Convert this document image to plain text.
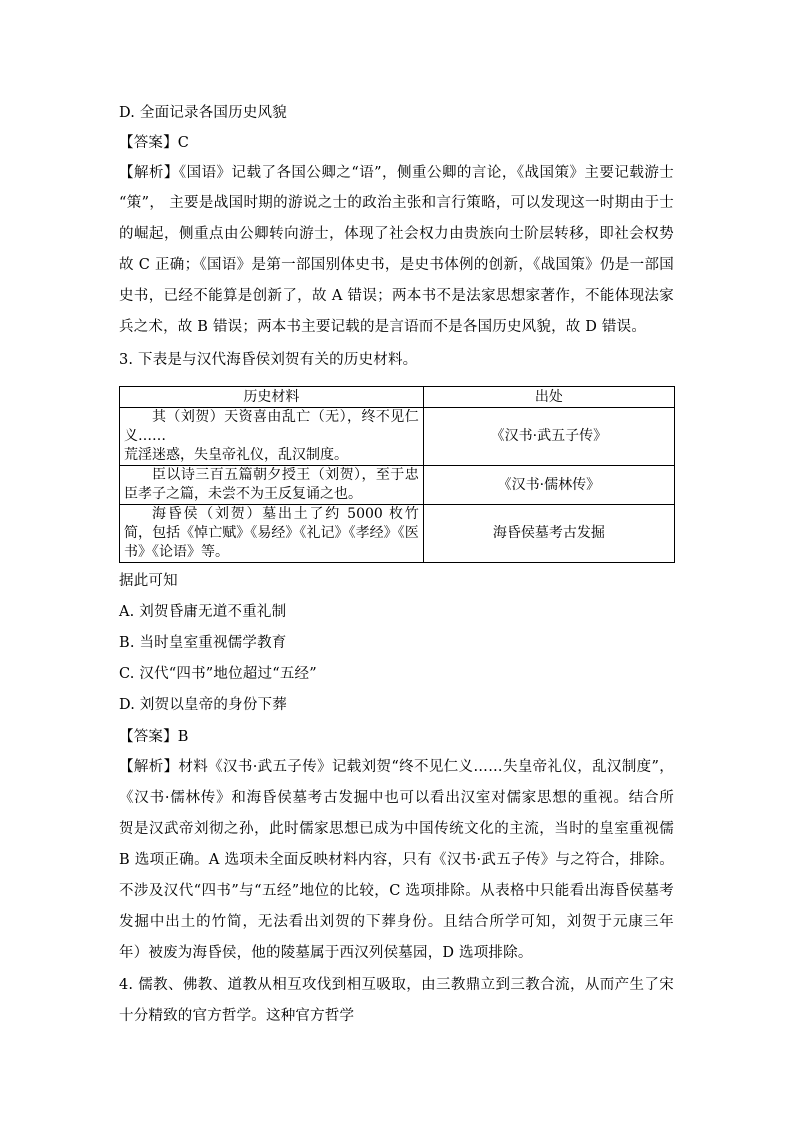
D. 全面记录各国历史风貌
【答案】C
【解析】《国语》记载了各国公卿之“语”，侧重公卿的言论，《战国策》主要记载游士
“策”， 主要是战国时期的游说之士的政治主张和言行策略，可以发现这一时期由于士
的崛起，侧重点由公卿转向游士，体现了社会权力由贵族向士阶层转移，即社会权势
故 C 正确；《国语》是第一部国别体史书，是史书体例的创新，《战国策》仍是一部国
史书，已经不能算是创新了，故 A 错误；两本书不是法家思想家著作，不能体现法家
兵之术，故 B 错误；两本书主要记载的是言语而不是各国历史风貌，故 D 错误。
3. 下表是与汉代海昏侯刘贺有关的历史材料。
历史材料	出处

其（刘贺）天资喜由乱亡（无），终不见仁义……
荒淫迷惑，失皇帝礼仪，乱汉制度。	《汉书·武五子传》

臣以诗三百五篇朝夕授王（刘贺），至于忠臣孝子之篇，未尝不为王反复诵之也。	《汉书·儒林传》

海昏侯（刘贺）墓出土了约 5000 枚竹简，包括《悼亡赋》《易经》《礼记》《孝经》《医书》《论语》等。	海昏侯墓考古发掘
据此可知
A. 刘贺昏庸无道不重礼制
B. 当时皇室重视儒学教育
C. 汉代“四书”地位超过“五经”
D. 刘贺以皇帝的身份下葬
【答案】B
【解析】材料《汉书·武五子传》记载刘贺“终不见仁义……失皇帝礼仪，乱汉制度”，
《汉书·儒林传》和海昏侯墓考古发掘中也可以看出汉室对儒家思想的重视。结合所
贺是汉武帝刘彻之孙，此时儒家思想已成为中国传统文化的主流，当时的皇室重视儒
B 选项正确。A 选项未全面反映材料内容，只有《汉书·武五子传》与之符合，排除。
不涉及汉代“四书”与“五经”地位的比较，C 选项排除。从表格中只能看出海昏侯墓考
发掘中出土的竹简，无法看出刘贺的下葬身份。且结合所学可知，刘贺于元康三年
年）被废为海昏侯，他的陵墓属于西汉列侯墓园，D 选项排除。
4. 儒教、佛教、道教从相互攻伐到相互吸取，由三教鼎立到三教合流，从而产生了宋
十分精致的官方哲学。这种官方哲学
